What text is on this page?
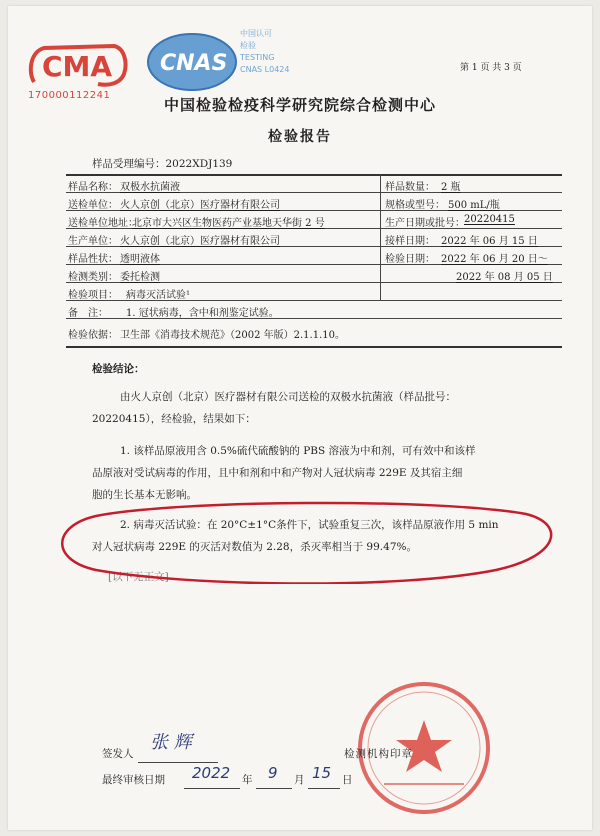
CMA
170000112241
CNAS
中国认可
检验
TESTING
CNAS L0424	第 1 页 共 3 页
中国检验检疫科学研究院综合检测中心
检验报告
样品受理编号：2022XDJ139
样品名称： 双极水抗菌液	样品数量： 2 瓶
送检单位： 火人京创（北京）医疗器材有限公司	规格或型号： 500 mL/瓶
送检单位地址：
北京市大兴区生物医药产业基地天华街 2 号	生产日期或批号： 20220415
生产单位： 火人京创（北京）医疗器材有限公司	接样日期： 2022 年 06 月 15 日
样品性状： 透明液体	检验日期： 2022 年 06 月 20 日～
检测类别： 委托检测	2022 年 08 月 05 日
检验项目： 病毒灭活试验¹
备　注： 1. 冠状病毒，含中和剂鉴定试验。
检验依据： 卫生部《消毒技术规范》（2002 年版）2.1.1.10。
检验结论：
由火人京创（北京）医疗器材有限公司送检的双极水抗菌液（样品批号：
20220415），经检验，结果如下：
1. 该样品原液用含 0.5%硫代硫酸钠的 PBS 溶液为中和剂，可有效中和该样
品原液对受试病毒的作用，且中和剂和中和产物对人冠状病毒 229E 及其宿主细
胞的生长基本无影响。
2. 病毒灭活试验：在 20°C±1°C条件下，试验重复三次，该样品原液作用 5 min
对人冠状病毒 229E 的灭活对数值为 2.28，杀灭率相当于 99.47%。
[以下无正文]
签发人
张 辉
检测机构印章
最终审核日期 2022 年 9 月 15 日
